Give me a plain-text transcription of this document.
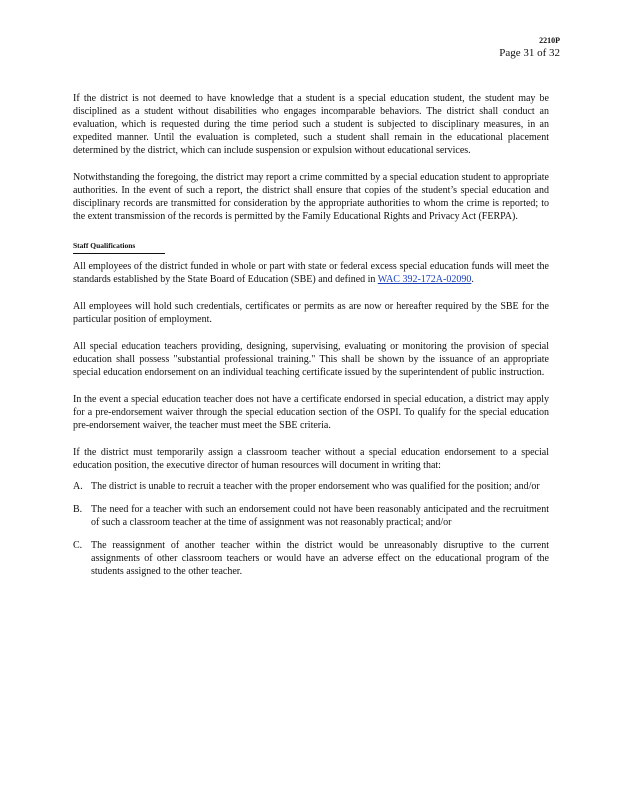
2210P
Page 31 of 32

If the district is not deemed to have knowledge that a student is a special education student, the student may be disciplined as a student without disabilities who engages incomparable behaviors. The district shall conduct an evaluation, which is requested during the time period such a student is subjected to disciplinary measures, in an expedited manner. Until the evaluation is completed, such a student shall remain in the educational placement determined by the district, which can include suspension or expulsion without educational services.

Notwithstanding the foregoing, the district may report a crime committed by a special education student to appropriate authorities. In the event of such a report, the district shall ensure that copies of the student’s special education and disciplinary records are transmitted for consideration by the appropriate authorities to whom the crime is reported; to the extent transmission of the records is permitted by the Family Educational Rights and Privacy Act (FERPA).

Staff Qualifications

All employees of the district funded in whole or part with state or federal excess special education funds will meet the standards established by the State Board of Education (SBE) and defined in WAC 392-172A-02090.

All employees will hold such credentials, certificates or permits as are now or hereafter required by the SBE for the particular position of employment.

All special education teachers providing, designing, supervising, evaluating or monitoring the provision of special education shall possess "substantial professional training." This shall be shown by the issuance of an appropriate special education endorsement on an individual teaching certificate issued by the superintendent of public instruction.

In the event a special education teacher does not have a certificate endorsed in special education, a district may apply for a pre-endorsement waiver through the special education section of the OSPI. To qualify for the special education pre-endorsement waiver, the teacher must meet the SBE criteria.

If the district must temporarily assign a classroom teacher without a special education endorsement to a special education position, the executive director of human resources will document in writing that:

A. The district is unable to recruit a teacher with the proper endorsement who was qualified for the position; and/or
B. The need for a teacher with such an endorsement could not have been reasonably anticipated and the recruitment of such a classroom teacher at the time of assignment was not reasonably practical; and/or
C. The reassignment of another teacher within the district would be unreasonably disruptive to the current assignments of other classroom teachers or would have an adverse effect on the educational program of the students assigned to the other teacher.
